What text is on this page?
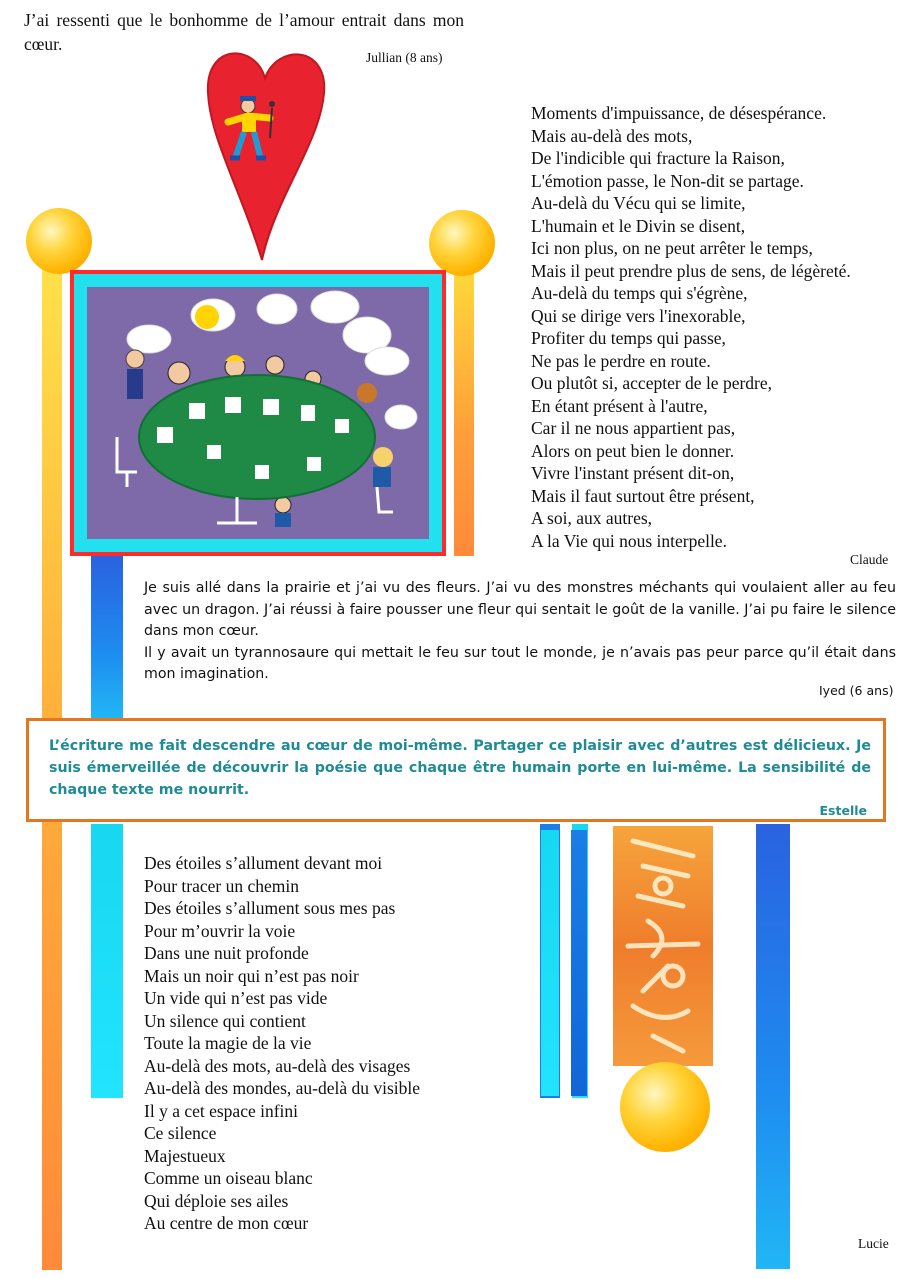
J’ai ressenti que le bonhomme de l’amour entrait dans mon cœur.
Jullian (8 ans)
Moments d'impuissance, de désespérance.
Mais au-delà des mots,
De l'indicible qui fracture la Raison,
L'émotion passe, le Non-dit se partage.
Au-delà du Vécu qui se limite,
L'humain et le Divin se disent,
Ici non plus, on ne peut arrêter le temps,
Mais il peut prendre plus de sens, de légèreté.
Au-delà du temps qui s'égrène,
Qui se dirige vers l'inexorable,
Profiter du temps qui passe,
Ne pas le perdre en route.
Ou plutôt si, accepter de le perdre,
En étant présent à l'autre,
Car il ne nous appartient pas,
Alors on peut bien le donner.
Vivre l'instant présent dit-on,
Mais il faut surtout être présent,
A soi, aux autres,
A la Vie qui nous interpelle.
Claude
Je suis allé dans la prairie et j’ai vu des fleurs. J’ai vu des monstres méchants qui voulaient aller au feu avec un dragon. J’ai réussi à faire pousser une fleur qui sentait le goût de la vanille. J’ai pu faire le silence dans mon cœur.
Il y avait un tyrannosaure qui mettait le feu sur tout le monde, je n’avais pas peur parce qu’il était dans mon imagination.
Iyed (6 ans)
L’écriture me fait descendre au cœur de moi-même. Partager ce plaisir avec d’autres est délicieux. Je suis émerveillée de découvrir la poésie que chaque être humain porte en lui-même. La sensibilité de chaque texte me nourrit.
Estelle
Des étoiles s’allument devant moi
Pour tracer un chemin
Des étoiles s’allument sous mes pas
Pour m’ouvrir la voie
Dans une nuit profonde
Mais un noir qui n’est pas noir
Un vide qui n’est pas vide
Un silence qui contient
Toute la magie de la vie
Au-delà des mots, au-delà des visages
Au-delà des mondes, au-delà du visible
Il y a cet espace infini
Ce silence
Majestueux
Comme un oiseau blanc
Qui déploie ses ailes
Au centre de mon cœur
Lucie
